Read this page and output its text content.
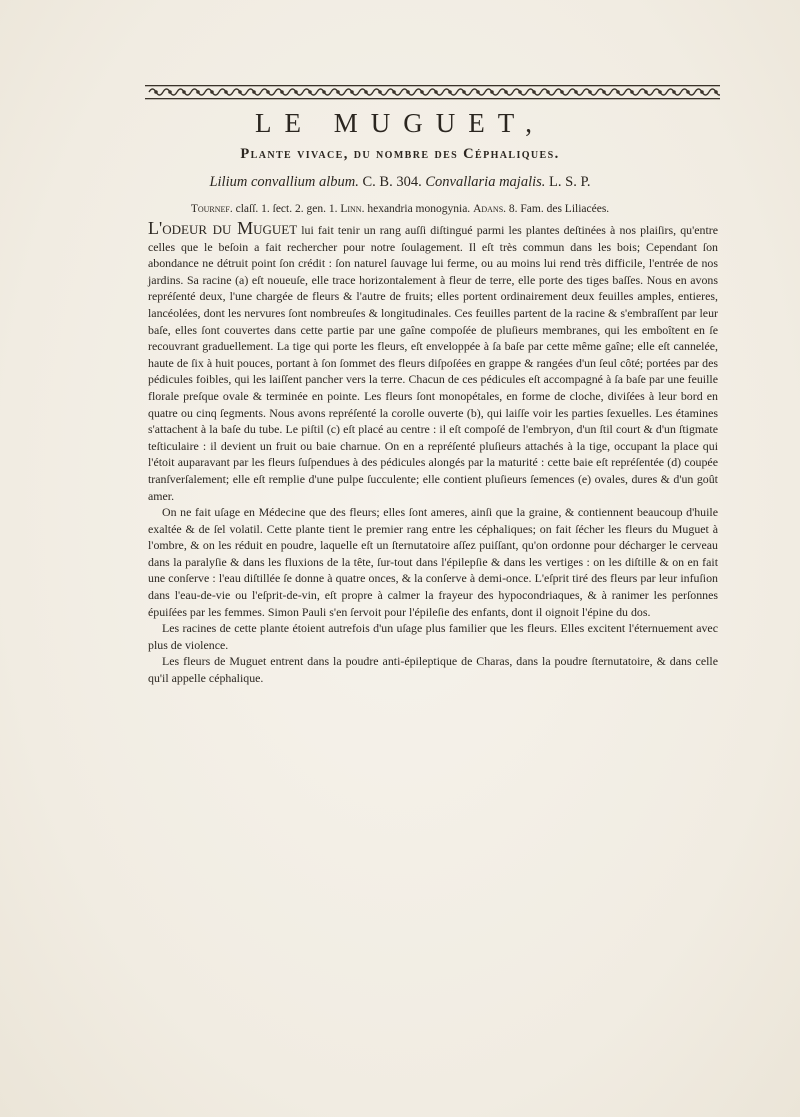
LE MUGUET,
Plante vivace, du nombre des Céphaliques.
Lilium convallium album. C. B. 304. Convallaria majalis. L. S. P.
Tournef. claſſ. 1. ſect. 2. gen. 1. Linn. hexandria monogynia. Adans. 8. Fam. des Liliacées.

L'odeur du Muguet lui fait tenir un rang auſſi diſtingué parmi les plantes deſtinées à nos plaiſirs, qu'entre celles que le beſoin a fait rechercher pour notre ſoulagement. Il eſt très commun dans les bois; Cependant ſon abondance ne détruit point ſon crédit : ſon naturel ſauvage lui ferme, ou au moins lui rend très difficile, l'entrée de nos jardins. Sa racine (a) eſt noueuſe, elle trace horizontalement à fleur de terre, elle porte des tiges baſſes. Nous en avons repréſenté deux, l'une chargée de fleurs & l'autre de fruits; elles portent ordinairement deux feuilles amples, entieres, lancéolées, dont les nervures ſont nombreuſes & longitudinales. Ces feuilles partent de la racine & s'embraſſent par leur baſe, elles ſont couvertes dans cette partie par une gaîne compoſée de pluſieurs membranes, qui les emboîtent en ſe recouvrant graduellement. La tige qui porte les fleurs, eſt enveloppée à ſa baſe par cette même gaîne; elle eſt cannelée, haute de ſix à huit pouces, portant à ſon ſommet des fleurs diſpoſées en grappe & rangées d'un ſeul côté; portées par des pédicules foibles, qui les laiſſent pancher vers la terre. Chacun de ces pédicules eſt accompagné à ſa baſe par une feuille florale preſque ovale & terminée en pointe. Les fleurs ſont monopétales, en forme de cloche, diviſées à leur bord en quatre ou cinq ſegments. Nous avons repréſenté la corolle ouverte (b), qui laiſſe voir les parties ſexuelles. Les étamines s'attachent à la baſe du tube. Le piſtil (c) eſt placé au centre : il eſt compoſé de l'embryon, d'un ſtil court & d'un ſtigmate teſticulaire : il devient un fruit ou baie charnue. On en a repréſenté pluſieurs attachés à la tige, occupant la place qui l'étoit auparavant par les fleurs ſuſpendues à des pédicules alongés par la maturité : cette baie eſt repréſentée (d) coupée tranſverſalement; elle eſt remplie d'une pulpe ſucculente; elle contient pluſieurs ſemences (e) ovales, dures & d'un goût amer.

On ne fait uſage en Médecine que des fleurs; elles ſont ameres, ainſi que la graine, & contiennent beaucoup d'huile exaltée & de ſel volatil. Cette plante tient le premier rang entre les céphaliques; on fait ſécher les fleurs du Muguet à l'ombre, & on les réduit en poudre, laquelle eſt un ſternutatoire aſſez puiſſant, qu'on ordonne pour décharger le cerveau dans la paralyſie & dans les fluxions de la tête, ſur-tout dans l'épilepſie & dans les vertiges : on les diſtille & on en fait une conſerve : l'eau diſtillée ſe donne à quatre onces, & la conſerve à demi-once. L'eſprit tiré des fleurs par leur infuſion dans l'eau-de-vie ou l'eſprit-de-vin, eſt propre à calmer la frayeur des hypocondriaques, & à ranimer les perſonnes épuiſées par les femmes. Simon Pauli s'en ſervoit pour l'épileſie des enfants, dont il oignoit l'épine du dos.

Les racines de cette plante étoient autrefois d'un uſage plus familier que les fleurs. Elles excitent l'éternuement avec plus de violence.

Les fleurs de Muguet entrent dans la poudre anti-épileptique de Charas, dans la poudre ſternutatoire, & dans celle qu'il appelle céphalique.
